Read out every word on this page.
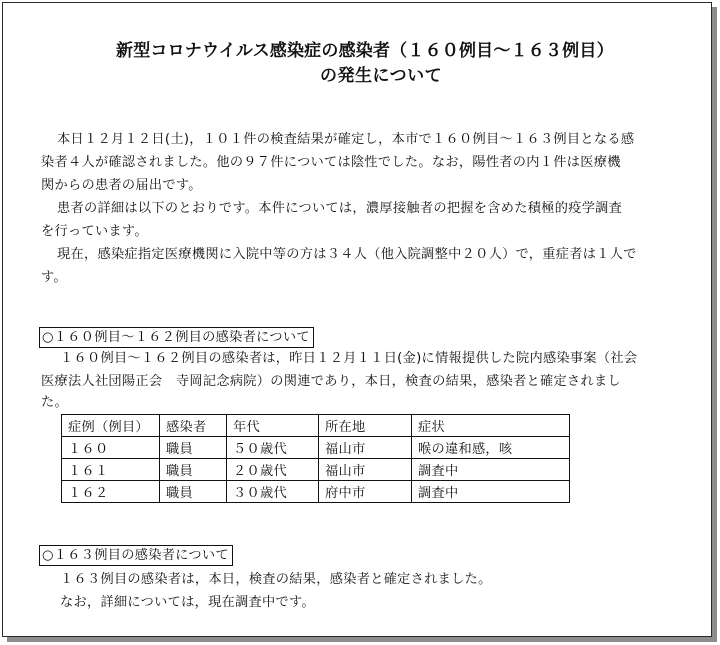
新型コロナウイルス感染症の感染者（１６０例目～１６３例目）
の発生について

本日１２月１２日(土)，１０１件の検査結果が確定し，本市で１６０例目～１６３例目となる感

染者４人が確認されました。他の９７件については陰性でした。なお，陽性者の内１件は医療機

関からの患者の届出です。

患者の詳細は以下のとおりです。本件については，濃厚接触者の把握を含めた積極的疫学調査

を行っています。

現在，感染症指定医療機関に入院中等の方は３４人（他入院調整中２０人）で，重症者は１人で

す。

○１６０例目～１６２例目の感染者について

１６０例目～１６２例目の感染者は，昨日１２月１１日(金)に情報提供した院内感染事案（社会

医療法人社団陽正会　寺岡記念病院）の関連であり，本日，検査の結果，感染者と確定されまし

た。

症例（例目）	感染者	年代	所在地	症状
１６０	職員	５０歳代	福山市	喉の違和感，咳
１６１	職員	２０歳代	福山市	調査中
１６２	職員	３０歳代	府中市	調査中
○１６３例目の感染者について

１６３例目の感染者は，本日，検査の結果，感染者と確定されました。

なお，詳細については，現在調査中です。
